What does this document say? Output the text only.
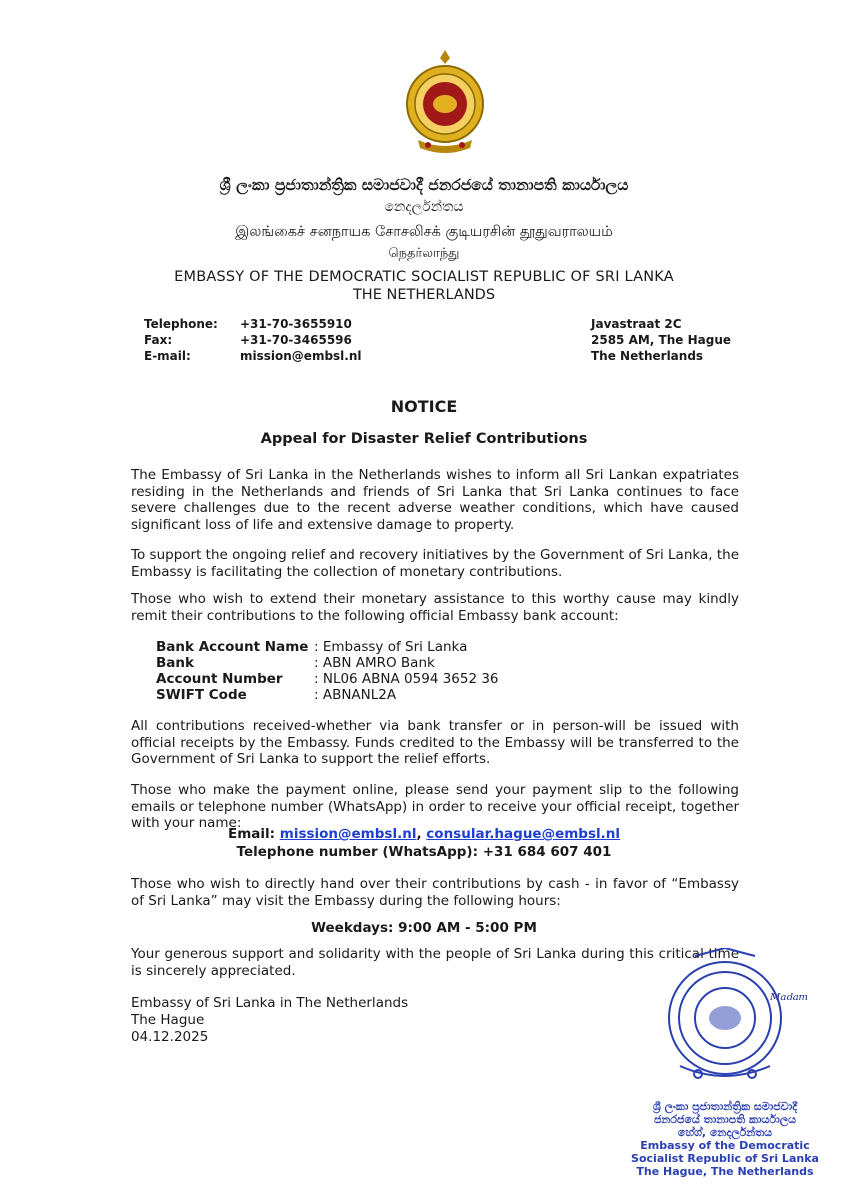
ශ්‍රී ලංකා ප්‍රජාතාන්ත්‍රික සමාජවාදී ජනරජයේ තානාපති කාර්යාලය
නෙදර්ලන්තය
இலங்கைச் சனநாயக சோசலிசக் குடியரசின் தூதுவராலயம்
நெதர்லாந்து
EMBASSY OF THE DEMOCRATIC SOCIALIST REPUBLIC OF SRI LANKA
THE NETHERLANDS
Telephone:
Fax:
E-mail:
+31-70-3655910
+31-70-3465596
mission@embsl.nl
Javastraat 2C
2585 AM, The Hague
The Netherlands
NOTICE
Appeal for Disaster Relief Contributions
The Embassy of Sri Lanka in the Netherlands wishes to inform all Sri Lankan expatriates residing in the Netherlands and friends of Sri Lanka that Sri Lanka continues to face severe challenges due to the recent adverse weather conditions, which have caused significant loss of life and extensive damage to property.
To support the ongoing relief and recovery initiatives by the Government of Sri Lanka, the Embassy is facilitating the collection of monetary contributions.
Those who wish to extend their monetary assistance to this worthy cause may kindly remit their contributions to the following official Embassy bank account:
Bank Account Name : Embassy of Sri Lanka
Bank	: ABN AMRO Bank
Account Number : NL06 ABNA 0594 3652 36
SWIFT Code	: ABNANL2A
All contributions received-whether via bank transfer or in person-will be issued with official receipts by the Embassy. Funds credited to the Embassy will be transferred to the Government of Sri Lanka to support the relief efforts.
Those who make the payment online, please send your payment slip to the following emails or telephone number (WhatsApp) in order to receive your official receipt, together with your name:
Email: mission@embsl.nl, consular.hague@embsl.nl
Telephone number (WhatsApp): +31 684 607 401
Those who wish to directly hand over their contributions by cash - in favor of “Embassy of Sri Lanka” may visit the Embassy during the following hours:
Weekdays: 9:00 AM - 5:00 PM
Your generous support and solidarity with the people of Sri Lanka during this critical time is sincerely appreciated.
Embassy of Sri Lanka in The Netherlands
The Hague
04.12.2025
ᴹᵃᵈᵃᵐ
ශ්‍රී ලංකා ප්‍රජාතාන්ත්‍රික සමාජවාදී
ජනරජයේ තානාපති කාර්යාලය
හේග්, නෙදර්ලන්තය
Embassy of the Democratic
Socialist Republic of Sri Lanka
The Hague, The Netherlands
